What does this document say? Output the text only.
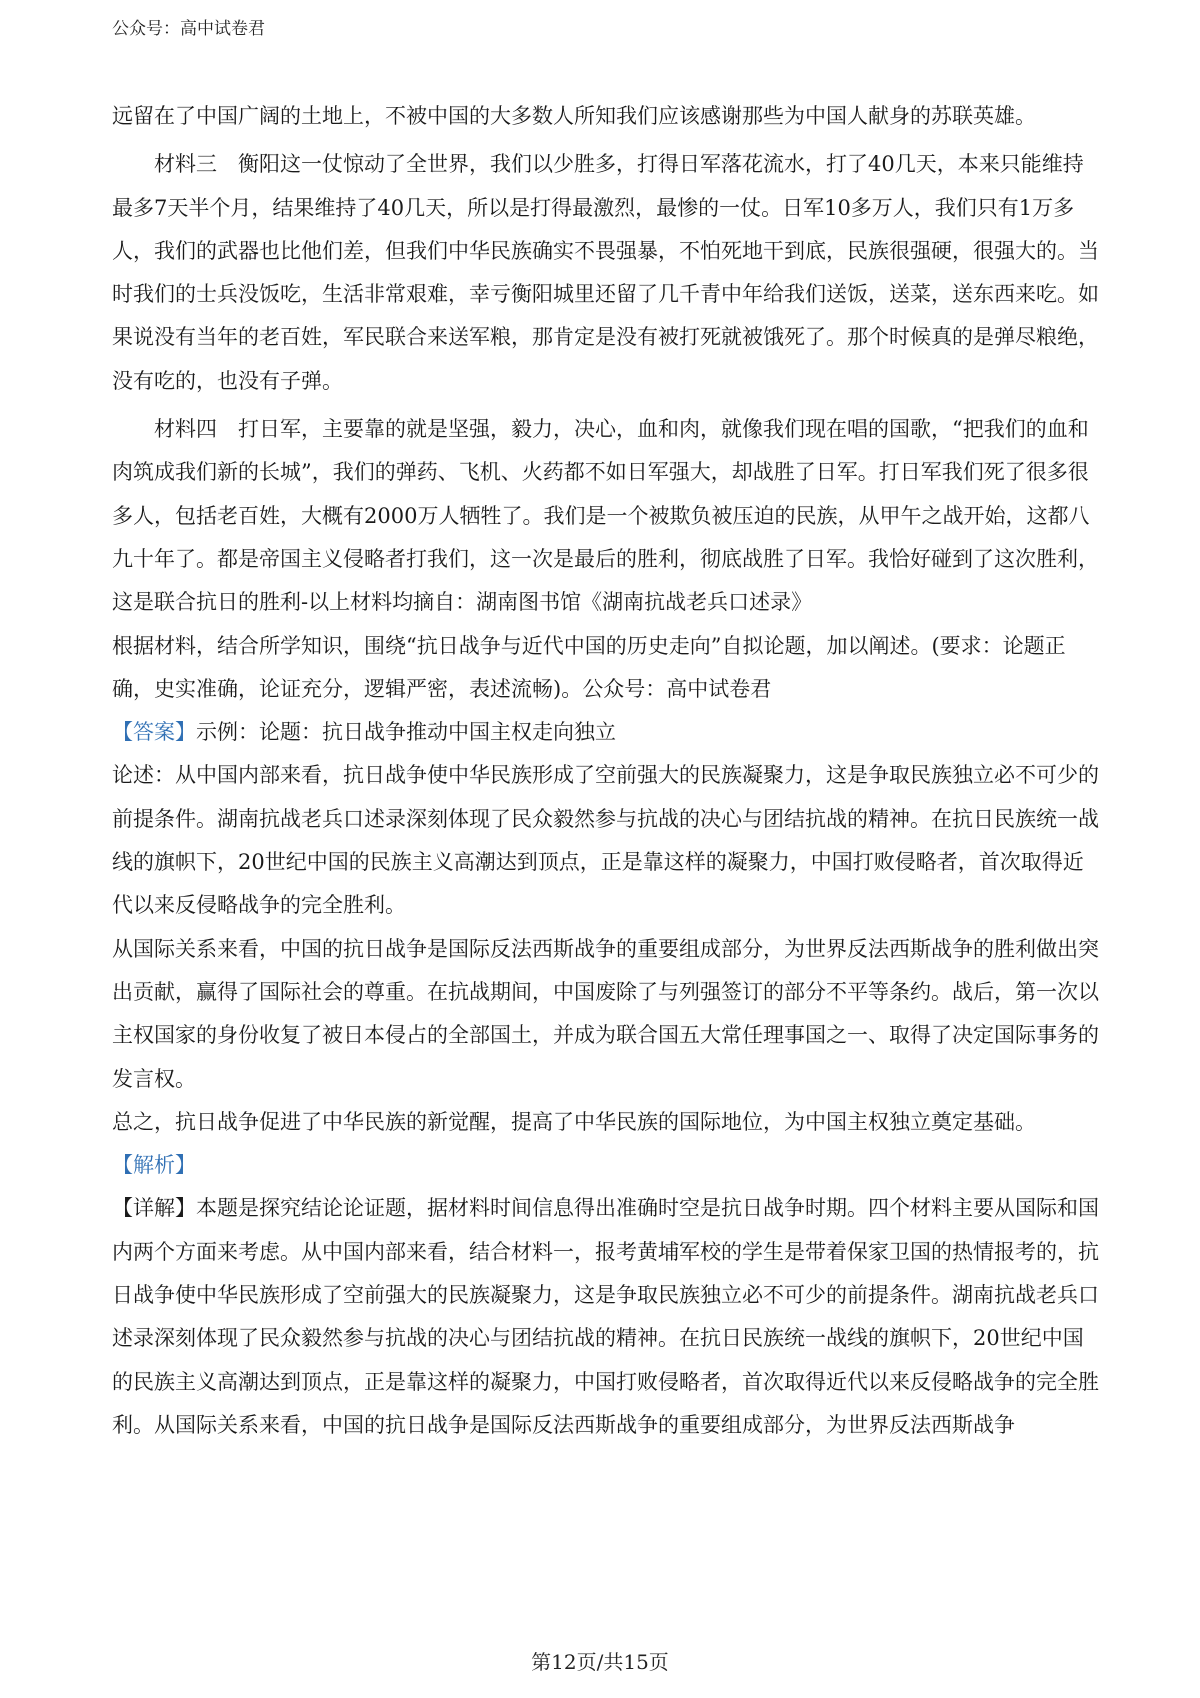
公众号：高中试卷君

远留在了中国广阔的土地上，不被中国的大多数人所知我们应该感谢那些为中国人献身的苏联英雄。

材料三　衡阳这一仗惊动了全世界，我们以少胜多，打得日军落花流水，打了40几天，本来只能维持最多7天半个月，结果维持了40几天，所以是打得最激烈，最惨的一仗。日军10多万人，我们只有1万多人，我们的武器也比他们差，但我们中华民族确实不畏强暴，不怕死地干到底，民族很强硬，很强大的。当时我们的士兵没饭吃，生活非常艰难，幸亏衡阳城里还留了几千青中年给我们送饭，送菜，送东西来吃。如果说没有当年的老百姓，军民联合来送军粮，那肯定是没有被打死就被饿死了。那个时候真的是弹尽粮绝，没有吃的，也没有子弹。

材料四　打日军，主要靠的就是坚强，毅力，决心，血和肉，就像我们现在唱的国歌，“把我们的血和肉筑成我们新的长城”，我们的弹药、飞机、火药都不如日军强大，却战胜了日军。打日军我们死了很多很多人，包括老百姓，大概有2000万人牺牲了。我们是一个被欺负被压迫的民族，从甲午之战开始，这都八九十年了。都是帝国主义侵略者打我们，这一次是最后的胜利，彻底战胜了日军。我恰好碰到了这次胜利，这是联合抗日的胜利-以上材料均摘自：湖南图书馆《湖南抗战老兵口述录》

根据材料，结合所学知识，围绕“抗日战争与近代中国的历史走向”自拟论题，加以阐述。(要求：论题正确，史实准确，论证充分，逻辑严密，表述流畅)。公众号：高中试卷君

【答案】示例：论题：抗日战争推动中国主权走向独立

论述：从中国内部来看，抗日战争使中华民族形成了空前强大的民族凝聚力，这是争取民族独立必不可少的前提条件。湖南抗战老兵口述录深刻体现了民众毅然参与抗战的决心与团结抗战的精神。在抗日民族统一战线的旗帜下，20世纪中国的民族主义高潮达到顶点，正是靠这样的凝聚力，中国打败侵略者，首次取得近代以来反侵略战争的完全胜利。

从国际关系来看，中国的抗日战争是国际反法西斯战争的重要组成部分，为世界反法西斯战争的胜利做出突出贡献，赢得了国际社会的尊重。在抗战期间，中国废除了与列强签订的部分不平等条约。战后，第一次以主权国家的身份收复了被日本侵占的全部国土，并成为联合国五大常任理事国之一、取得了决定国际事务的发言权。

总之，抗日战争促进了中华民族的新觉醒，提高了中华民族的国际地位，为中国主权独立奠定基础。

【解析】

【详解】本题是探究结论论证题，据材料时间信息得出准确时空是抗日战争时期。四个材料主要从国际和国内两个方面来考虑。从中国内部来看，结合材料一，报考黄埔军校的学生是带着保家卫国的热情报考的，抗日战争使中华民族形成了空前强大的民族凝聚力，这是争取民族独立必不可少的前提条件。湖南抗战老兵口述录深刻体现了民众毅然参与抗战的决心与团结抗战的精神。在抗日民族统一战线的旗帜下，20世纪中国的民族主义高潮达到顶点，正是靠这样的凝聚力，中国打败侵略者，首次取得近代以来反侵略战争的完全胜利。从国际关系来看，中国的抗日战争是国际反法西斯战争的重要组成部分，为世界反法西斯战争

第12页/共15页
